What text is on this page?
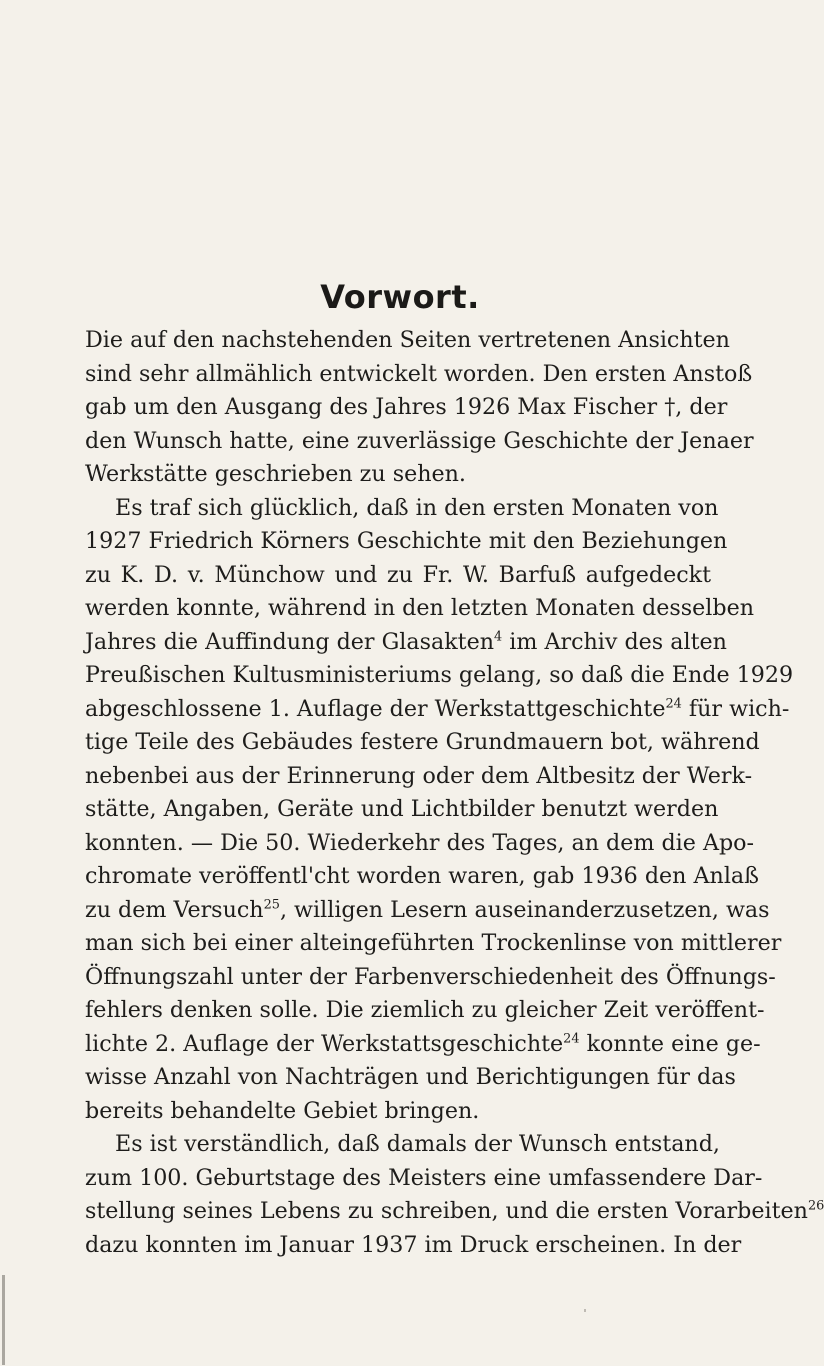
Vorwort.
Die auf den nachstehenden Seiten vertretenen Ansichten
sind sehr allmählich entwickelt worden. Den ersten Anstoß
gab um den Ausgang des Jahres 1926 Max Fischer †, der
den Wunsch hatte, eine zuverlässige Geschichte der Jenaer
Werkstätte geschrieben zu sehen.
Es traf sich glücklich, daß in den ersten Monaten von
1927 Friedrich Körners Geschichte mit den Beziehungen
zu K. D. v. Münchow und zu Fr. W. Barfuß aufgedeckt
werden konnte, während in den letzten Monaten desselben
Jahres die Auffindung der Glasakten$^4$ im Archiv des alten
Preußischen Kultusministeriums gelang, so daß die Ende 1929
abgeschlossene 1. Auflage der Werkstattgeschichte$^{24}$ für wich-
tige Teile des Gebäudes festere Grundmauern bot, während
nebenbei aus der Erinnerung oder dem Altbesitz der Werk-
stätte, Angaben, Geräte und Lichtbilder benutzt werden
konnten. — Die 50. Wiederkehr des Tages, an dem die Apo-
chromate veröffentl'cht worden waren, gab 1936 den Anlaß
zu dem Versuch$^{25}$, willigen Lesern auseinanderzusetzen, was
man sich bei einer alteingeführten Trockenlinse von mittlerer
Öffnungszahl unter der Farbenverschiedenheit des Öffnungs-
fehlers denken solle. Die ziemlich zu gleicher Zeit veröffent-
lichte 2. Auflage der Werkstattsgeschichte$^{24}$ konnte eine ge-
wisse Anzahl von Nachträgen und Berichtigungen für das
bereits behandelte Gebiet bringen.
Es ist verständlich, daß damals der Wunsch entstand,
zum 100. Geburtstage des Meisters eine umfassendere Dar-
stellung seines Lebens zu schreiben, und die ersten Vorarbeiten$^{26}$
dazu konnten im Januar 1937 im Druck erscheinen. In der
